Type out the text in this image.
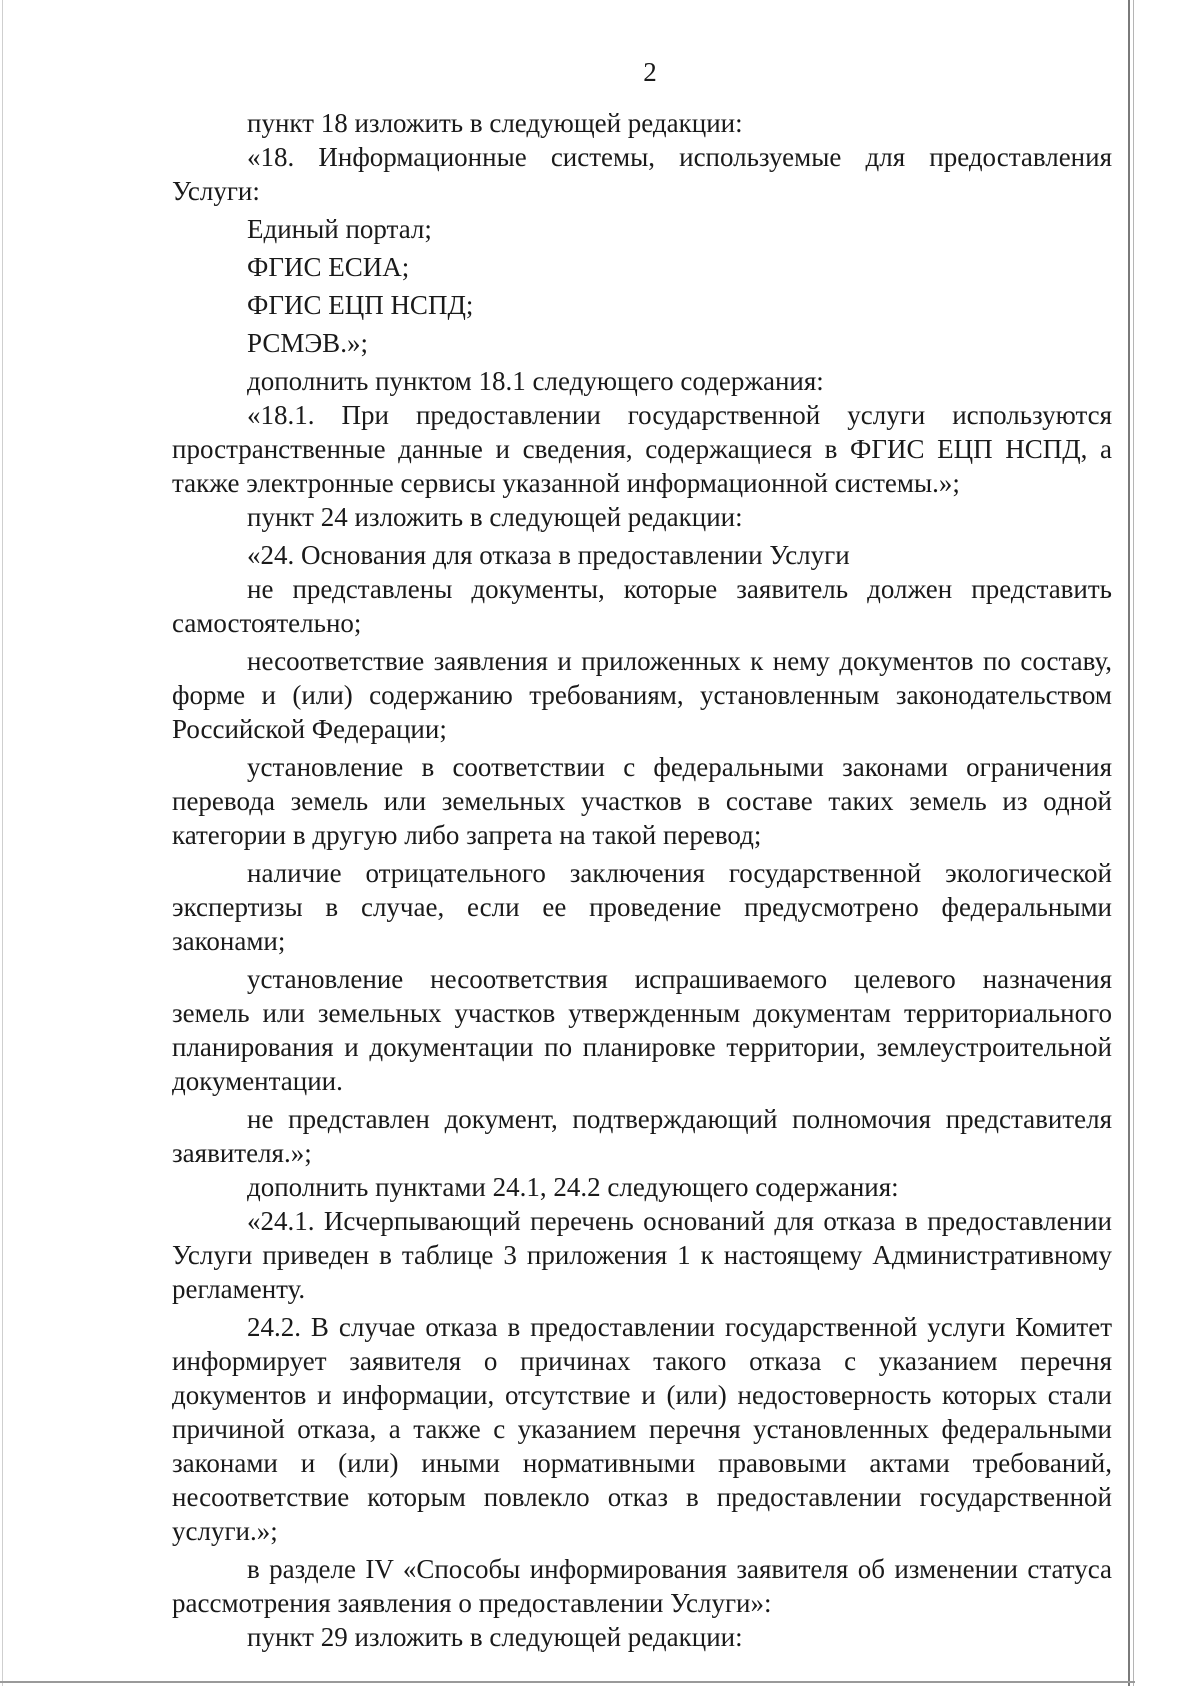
2

пункт 18 изложить в следующей редакции:

«18. Информационные системы, используемые для предоставления Услуги:

Единый портал;

ФГИС ЕСИА;

ФГИС ЕЦП НСПД;

РСМЭВ.»;

дополнить пунктом 18.1 следующего содержания:

«18.1. При предоставлении государственной услуги используются пространственные данные и сведения, содержащиеся в ФГИС ЕЦП НСПД, а также электронные сервисы указанной информационной системы.»;

пункт 24 изложить в следующей редакции:

«24. Основания для отказа в предоставлении Услуги

не представлены документы, которые заявитель должен представить самостоятельно;

несоответствие заявления и приложенных к нему документов по составу, форме и (или) содержанию требованиям, установленным законодательством Российской Федерации;

установление в соответствии с федеральными законами ограничения перевода земель или земельных участков в составе таких земель из одной категории в другую либо запрета на такой перевод;

наличие отрицательного заключения государственной экологической экспертизы в случае, если ее проведение предусмотрено федеральными законами;

установление несоответствия испрашиваемого целевого назначения земель или земельных участков утвержденным документам территориального планирования и документации по планировке территории, землеустроительной документации.

не представлен документ, подтверждающий полномочия представителя заявителя.»;

дополнить пунктами 24.1, 24.2 следующего содержания:

«24.1. Исчерпывающий перечень оснований для отказа в предоставлении Услуги приведен в таблице 3 приложения 1 к настоящему Административному регламенту.

24.2. В случае отказа в предоставлении государственной услуги Комитет информирует заявителя о причинах такого отказа с указанием перечня документов и информации, отсутствие и (или) недостоверность которых стали причиной отказа, а также с указанием перечня установленных федеральными законами и (или) иными нормативными правовыми актами требований, несоответствие которым повлекло отказ в предоставлении государственной услуги.»;

в разделе IV «Способы информирования заявителя об изменении статуса рассмотрения заявления о предоставлении Услуги»:

пункт 29 изложить в следующей редакции:
